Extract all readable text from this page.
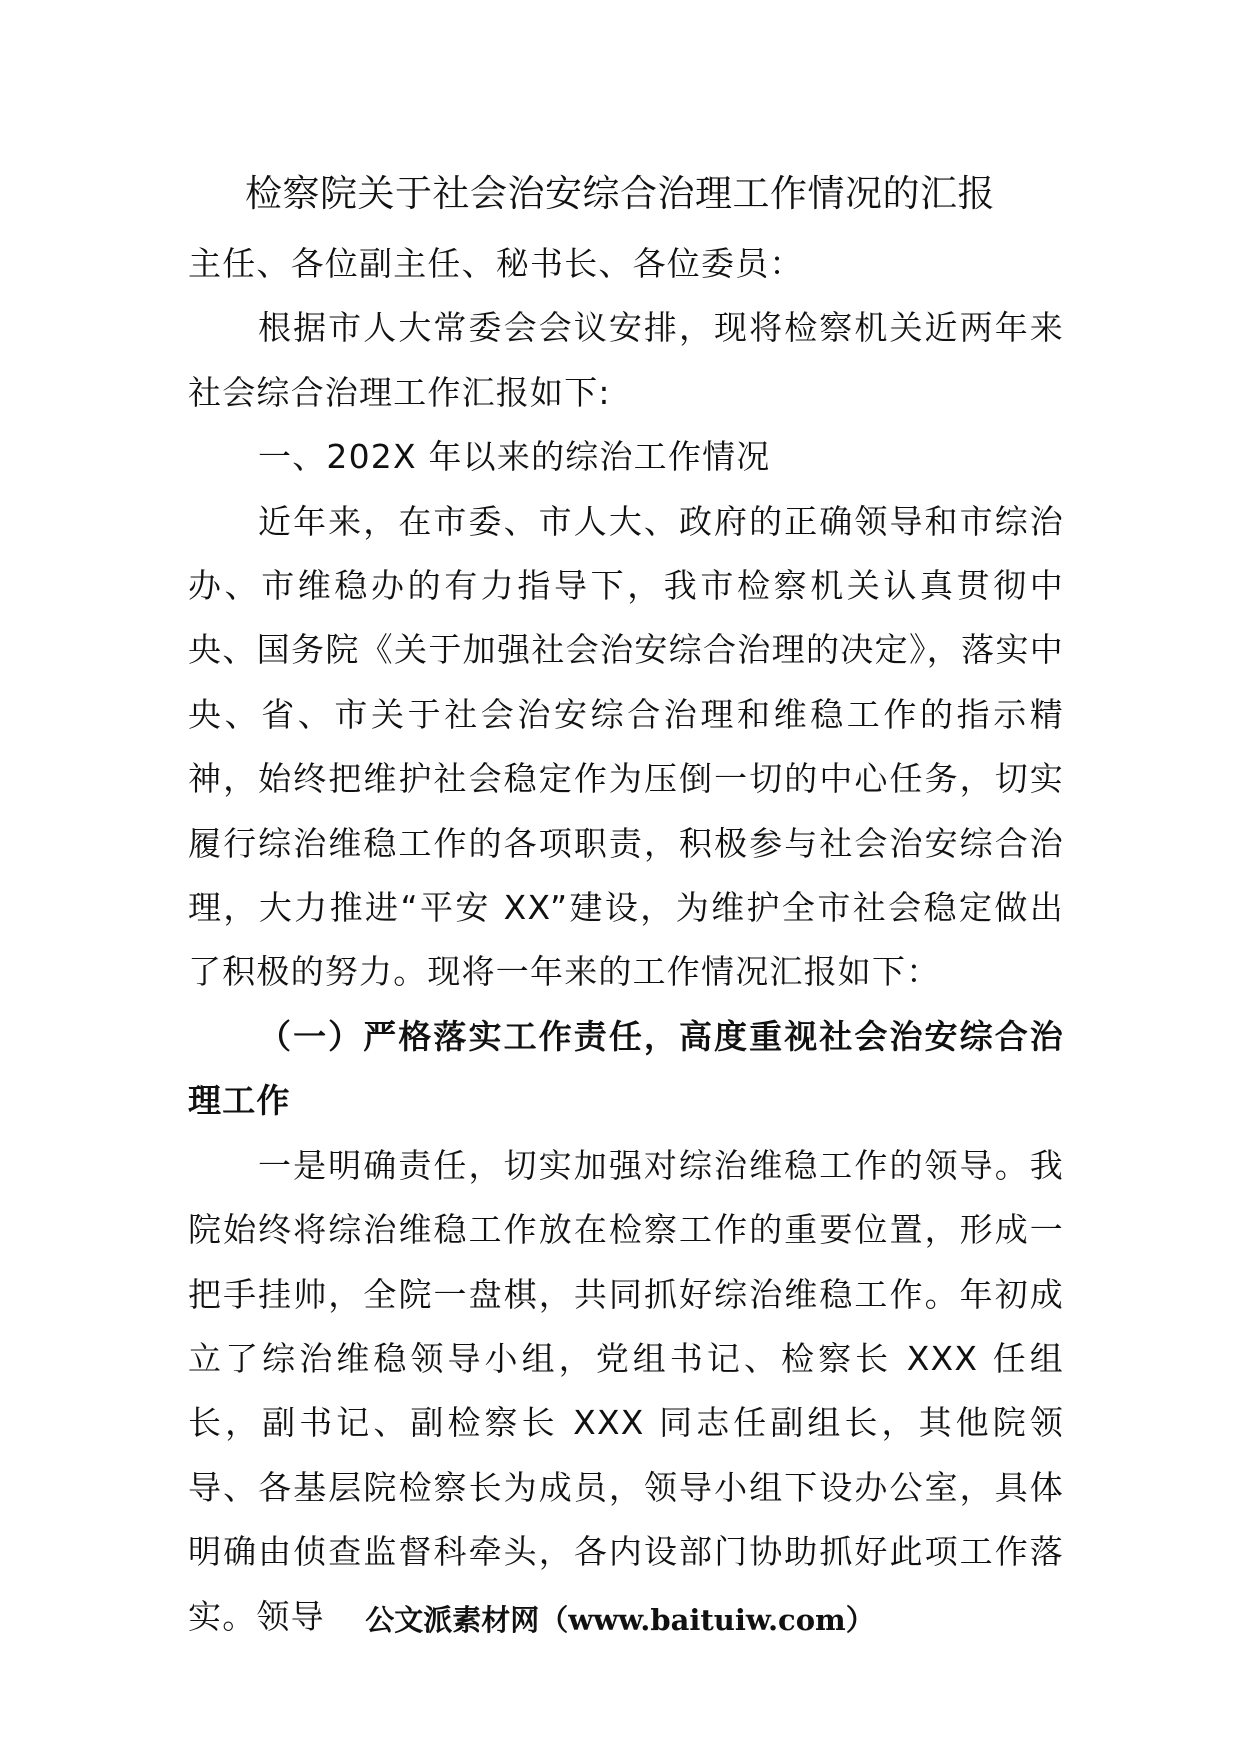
检察院关于社会治安综合治理工作情况的汇报

主任、各位副主任、秘书长、各位委员：

根据市人大常委会会议安排，现将检察机关近两年来社会综合治理工作汇报如下:

一、202X 年以来的综治工作情况

近年来，在市委、市人大、政府的正确领导和市综治办、市维稳办的有力指导下，我市检察机关认真贯彻中央、国务院《关于加强社会治安综合治理的决定》，落实中央、省、市关于社会治安综合治理和维稳工作的指示精神，始终把维护社会稳定作为压倒一切的中心任务，切实履行综治维稳工作的各项职责，积极参与社会治安综合治理，大力推进“平安 XX”建设，为维护全市社会稳定做出了积极的努力。现将一年来的工作情况汇报如下：

（一）严格落实工作责任，高度重视社会治安综合治理工作

一是明确责任，切实加强对综治维稳工作的领导。我院始终将综治维稳工作放在检察工作的重要位置，形成一把手挂帅，全院一盘棋，共同抓好综治维稳工作。年初成立了综治维稳领导小组，党组书记、检察长 XXX 任组长，副书记、副检察长 XXX 同志任副组长，其他院领导、各基层院检察长为成员，领导小组下设办公室，具体明确由侦查监督科牵头，各内设部门协助抓好此项工作落实。领导	公文派素材网（www.baituiw.com）
